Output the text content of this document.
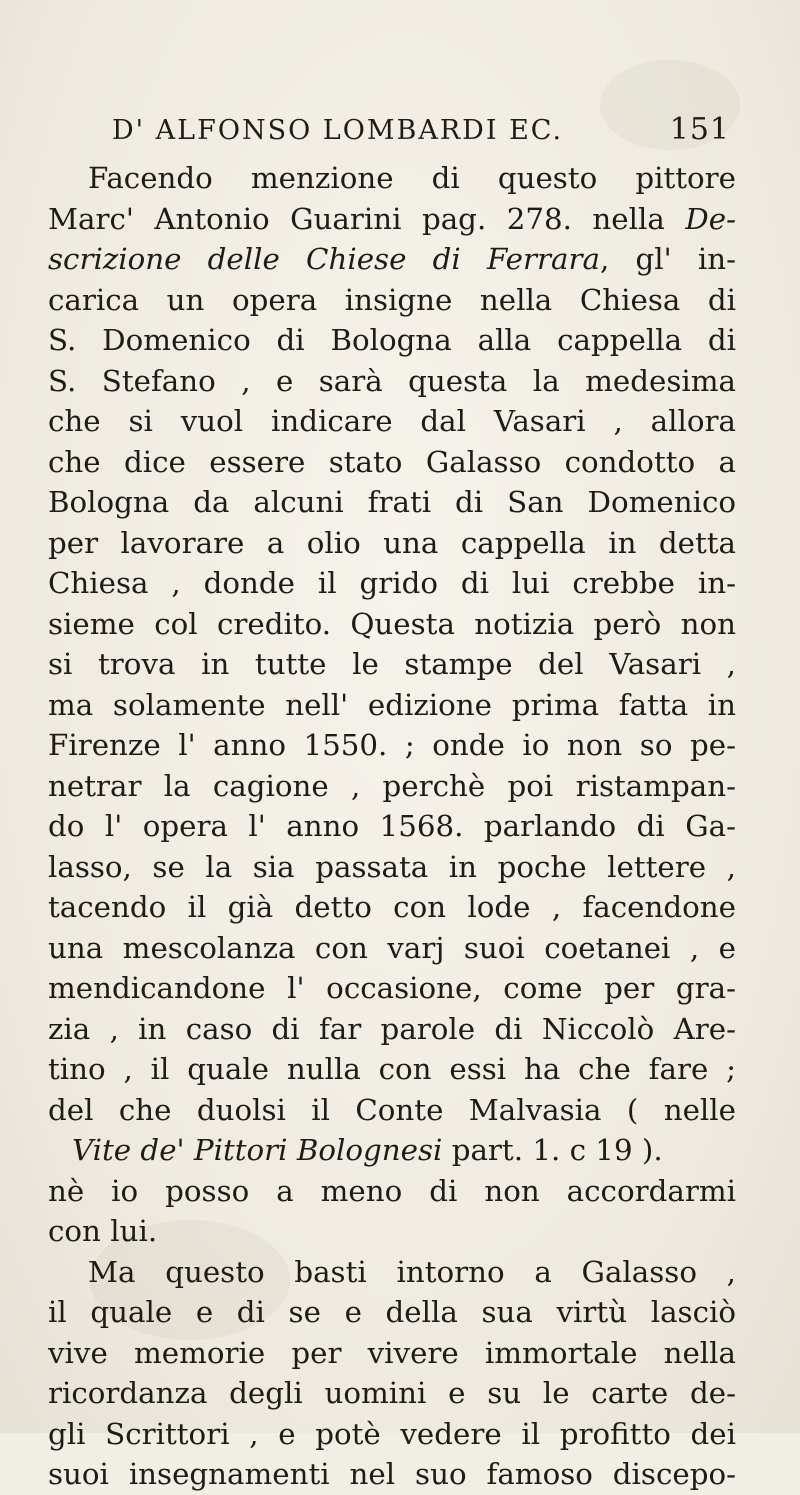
D' ALFONSO LOMBARDI EC.	151
Facendo menzione di questo pittore
Marc' Antonio Guarini pag. 278. nella De-
scrizione delle Chiese di Ferrara, gl' in-
carica un opera insigne nella Chiesa di
S. Domenico di Bologna alla cappella di
S. Stefano , e sarà questa la medesima
che si vuol indicare dal Vasari , allora
che dice essere stato Galasso condotto a
Bologna da alcuni frati di San Domenico
per lavorare a olio una cappella in detta
Chiesa , donde il grido di lui crebbe in-
sieme col credito. Questa notizia però non
si trova in tutte le stampe del Vasari ,
ma solamente nell' edizione prima fatta in
Firenze l' anno 1550. ; onde io non so pe-
netrar la cagione , perchè poi ristampan-
do l' opera l' anno 1568. parlando di Ga-
lasso, se la sia passata in poche lettere ,
tacendo il già detto con lode , facendone
una mescolanza con varj suoi coetanei , e
mendicandone l' occasione, come per gra-
zia , in caso di far parole di Niccolò Are-
tino , il quale nulla con essi ha che fare ;
del che duolsi il Conte Malvasia ( nelle
Vite de' Pittori Bolognesi part. 1. c 19 ).
nè io posso a meno di non accordarmi
con lui.
Ma questo basti intorno a Galasso ,
il quale e di se e della sua virtù lasciò
vive memorie per vivere immortale nella
ricordanza degli uomini e su le carte de-
gli Scrittori , e potè vedere il profitto dei
suoi insegnamenti nel suo famoso discepo-
